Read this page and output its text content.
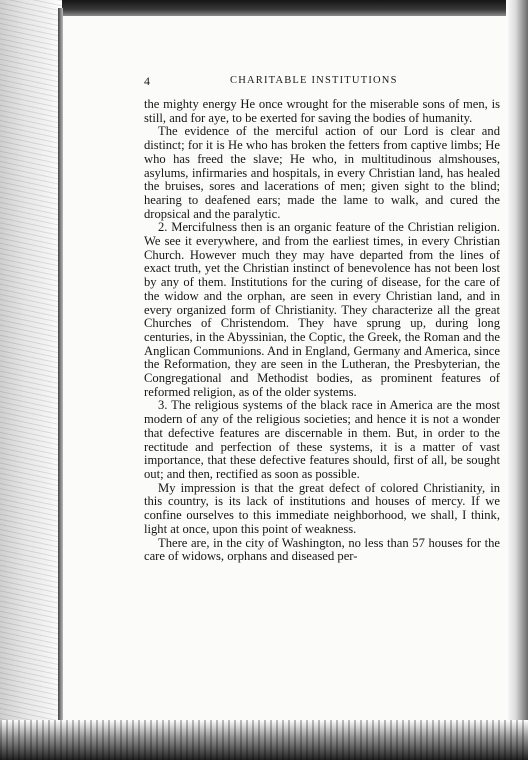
4	CHARITABLE INSTITUTIONS

the mighty energy He once wrought for the miserable sons of men, is still, and for aye, to be exerted for saving the bodies of humanity.

The evidence of the merciful action of our Lord is clear and distinct; for it is He who has broken the fetters from captive limbs; He who has freed the slave; He who, in multitudinous almshouses, asylums, infirmaries and hospitals, in every Christian land, has healed the bruises, sores and lacerations of men; given sight to the blind; hearing to deafened ears; made the lame to walk, and cured the dropsical and the paralytic.

2. Mercifulness then is an organic feature of the Christian religion. We see it everywhere, and from the earliest times, in every Christian Church. However much they may have departed from the lines of exact truth, yet the Christian instinct of benevolence has not been lost by any of them. Institutions for the curing of disease, for the care of the widow and the orphan, are seen in every Christian land, and in every organized form of Christianity. They characterize all the great Churches of Christendom. They have sprung up, during long centuries, in the Abyssinian, the Coptic, the Greek, the Roman and the Anglican Communions. And in England, Germany and America, since the Reformation, they are seen in the Lutheran, the Presbyterian, the Congregational and Methodist bodies, as prominent features of reformed religion, as of the older systems.

3. The religious systems of the black race in America are the most modern of any of the religious societies; and hence it is not a wonder that defective features are discernable in them. But, in order to the rectitude and perfection of these systems, it is a matter of vast importance, that these defective features should, first of all, be sought out; and then, rectified as soon as possible.

My impression is that the great defect of colored Christianity, in this country, is its lack of institutions and houses of mercy. If we confine ourselves to this immediate neighborhood, we shall, I think, light at once, upon this point of weakness.

There are, in the city of Washington, no less than 57 houses for the care of widows, orphans and diseased per-
